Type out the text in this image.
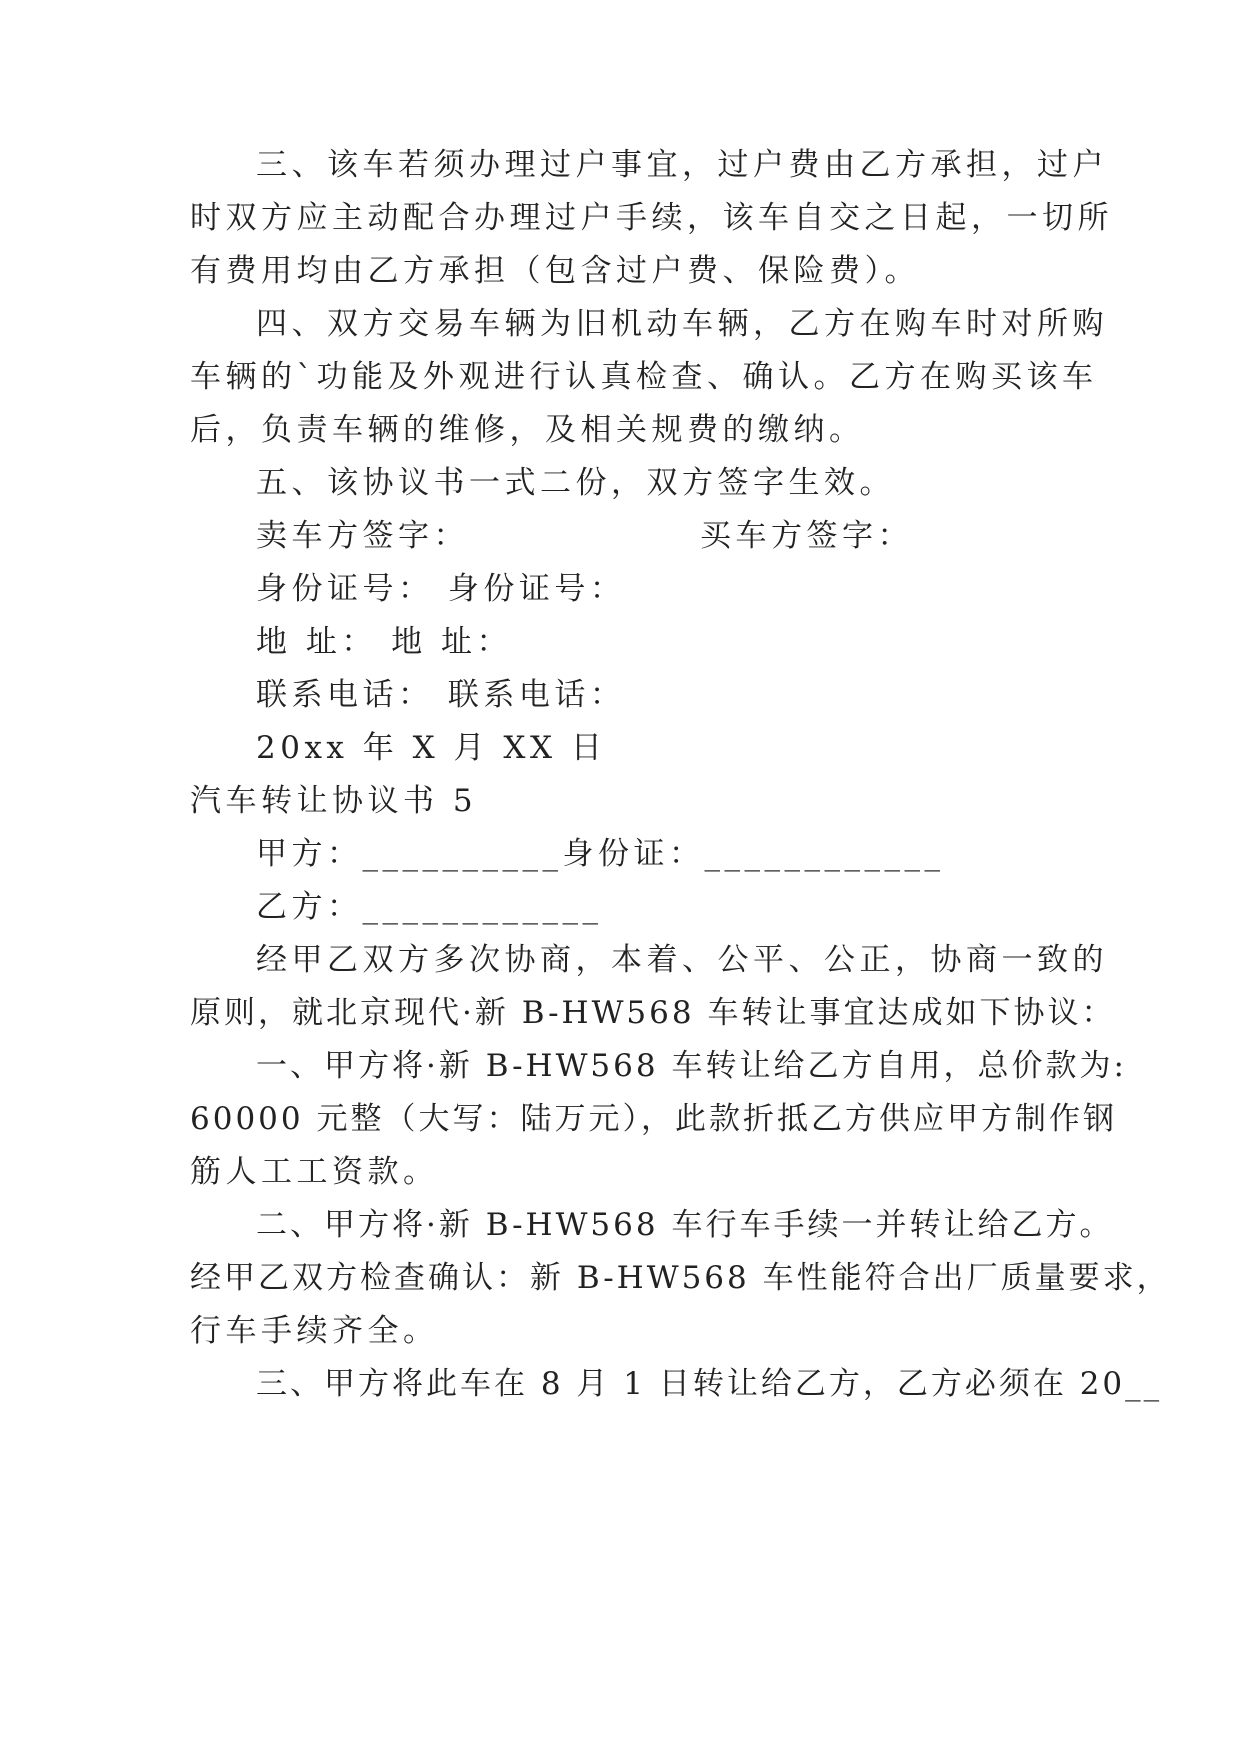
三、该车若须办理过户事宜，过户费由乙方承担，过户
时双方应主动配合办理过户手续，该车自交之日起，一切所
有费用均由乙方承担（包含过户费、保险费）。
四、双方交易车辆为旧机动车辆，乙方在购车时对所购
车辆的`功能及外观进行认真检查、确认。乙方在购买该车
后，负责车辆的维修，及相关规费的缴纳。
五、该协议书一式二份，双方签字生效。
卖车方签字：	买车方签字：
身份证号： 身份证号：
地 址： 地 址：
联系电话： 联系电话：
20xx 年 X 月 XX 日
汽车转让协议书 5
甲方：__________身份证：____________
乙方：____________
经甲乙双方多次协商，本着、公平、公正，协商一致的
原则，就北京现代·新 B-HW568 车转让事宜达成如下协议：
一、甲方将·新 B-HW568 车转让给乙方自用，总价款为:
60000 元整（大写：陆万元），此款折抵乙方供应甲方制作钢
筋人工工资款。
二、甲方将·新 B-HW568 车行车手续一并转让给乙方。
经甲乙双方检查确认：新 B-HW568 车性能符合出厂质量要求，
行车手续齐全。
三、甲方将此车在 8 月 1 日转让给乙方，乙方必须在 20__
